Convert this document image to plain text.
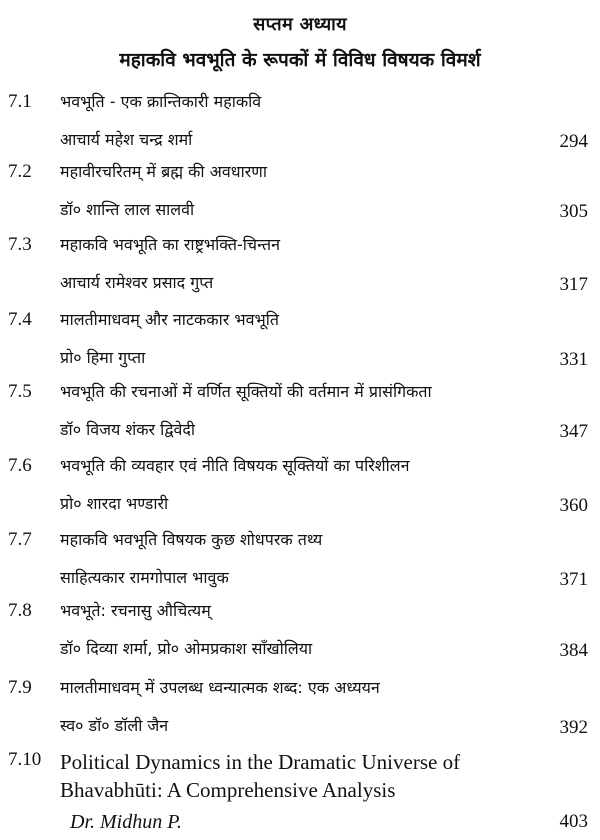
सप्तम अध्याय
महाकवि भवभूति के रूपकों में विविध विषयक विमर्श
7.1 भवभूति - एक क्रान्तिकारी महाकवि
आचार्य महेश चन्द्र शर्मा	294
7.2 महावीरचरितम् में ब्रह्म की अवधारणा
डॉ० शान्ति लाल सालवी	305
7.3 महाकवि भवभूति का राष्ट्रभक्ति-चिन्तन
आचार्य रामेश्वर प्रसाद गुप्त	317
7.4 मालतीमाधवम् और नाटककार भवभूति
प्रो० हिमा गुप्ता	331
7.5 भवभूति की रचनाओं में वर्णित सूक्तियों की वर्तमान में प्रासंगिकता
डॉ० विजय शंकर द्विवेदी	347
7.6 भवभूति की व्यवहार एवं नीति विषयक सूक्तियों का परिशीलन
प्रो० शारदा भण्डारी	360
7.7 महाकवि भवभूति विषयक कुछ शोधपरक तथ्य
साहित्यकार रामगोपाल भावुक	371
7.8 भवभूते: रचनासु औचित्यम्
डॉ० दिव्या शर्मा, प्रो० ओमप्रकाश साँखोलिया	384
7.9 मालतीमाधवम् में उपलब्ध ध्वन्यात्मक शब्द: एक अध्ययन
स्व० डॉ० डॉली जैन	392
7.10 Political Dynamics in the Dramatic Universe of Bhavabhūti: A Comprehensive Analysis
Dr. Midhun P.	403
